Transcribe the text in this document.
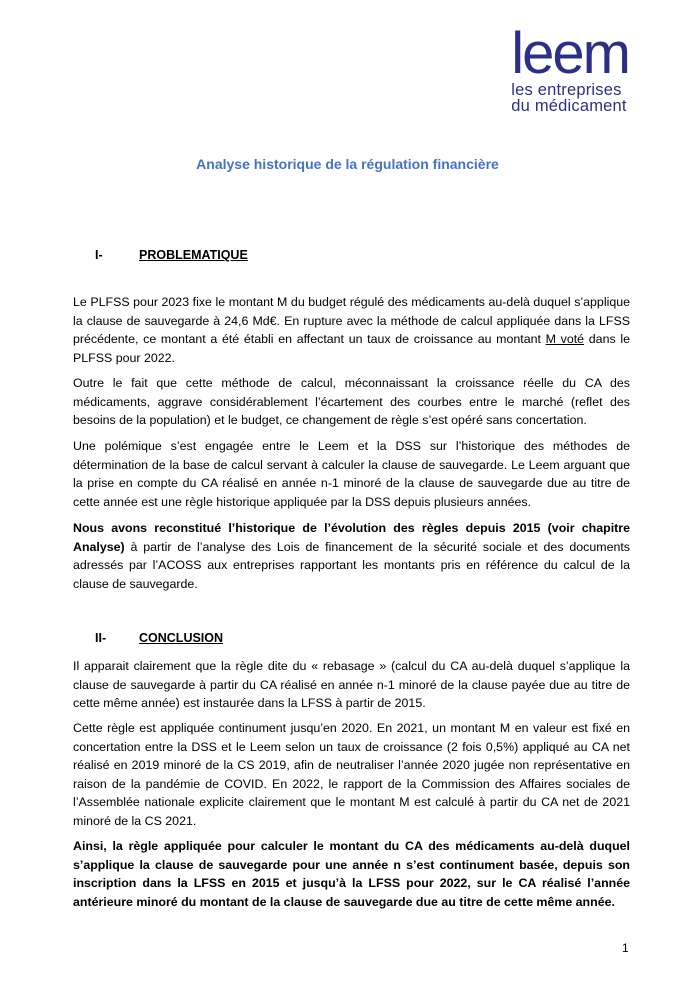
leem
les entreprises
du médicament
Analyse historique de la régulation financière
I-	PROBLEMATIQUE

Le PLFSS pour 2023 fixe le montant M du budget régulé des médicaments au-delà duquel s’applique la clause de sauvegarde à 24,6 Md€. En rupture avec la méthode de calcul appliquée dans la LFSS précédente, ce montant a été établi en affectant un taux de croissance au montant M voté dans le PLFSS pour 2022.

Outre le fait que cette méthode de calcul, méconnaissant la croissance réelle du CA des médicaments, aggrave considérablement l’écartement des courbes entre le marché (reflet des besoins de la population) et le budget, ce changement de règle s’est opéré sans concertation.

Une polémique s’est engagée entre le Leem et la DSS sur l’historique des méthodes de détermination de la base de calcul servant à calculer la clause de sauvegarde. Le Leem arguant que la prise en compte du CA réalisé en année n-1 minoré de la clause de sauvegarde due au titre de cette année est une règle historique appliquée par la DSS depuis plusieurs années.

Nous avons reconstitué l’historique de l’évolution des règles depuis 2015 (voir chapitre Analyse) à partir de l’analyse des Lois de financement de la sécurité sociale et des documents adressés par l’ACOSS aux entreprises rapportant les montants pris en référence du calcul de la clause de sauvegarde.

II-	CONCLUSION

Il apparait clairement que la règle dite du « rebasage » (calcul du CA au-delà duquel s’applique la clause de sauvegarde à partir du CA réalisé en année n-1 minoré de la clause payée due au titre de cette même année) est instaurée dans la LFSS à partir de 2015.

Cette règle est appliquée continument jusqu’en 2020. En 2021, un montant M en valeur est fixé en concertation entre la DSS et le Leem selon un taux de croissance (2 fois 0,5%) appliqué au CA net réalisé en 2019 minoré de la CS 2019, afin de neutraliser l’année 2020 jugée non représentative en raison de la pandémie de COVID. En 2022, le rapport de la Commission des Affaires sociales de l’Assemblée nationale explicite clairement que le montant M est calculé à partir du CA net de 2021 minoré de la CS 2021.

Ainsi, la règle appliquée pour calculer le montant du CA des médicaments au-delà duquel s’applique la clause de sauvegarde pour une année n s’est continument basée, depuis son inscription dans la LFSS en 2015 et jusqu’à la LFSS pour 2022, sur le CA réalisé l’année antérieure minoré du montant de la clause de sauvegarde due au titre de cette même année.

1
